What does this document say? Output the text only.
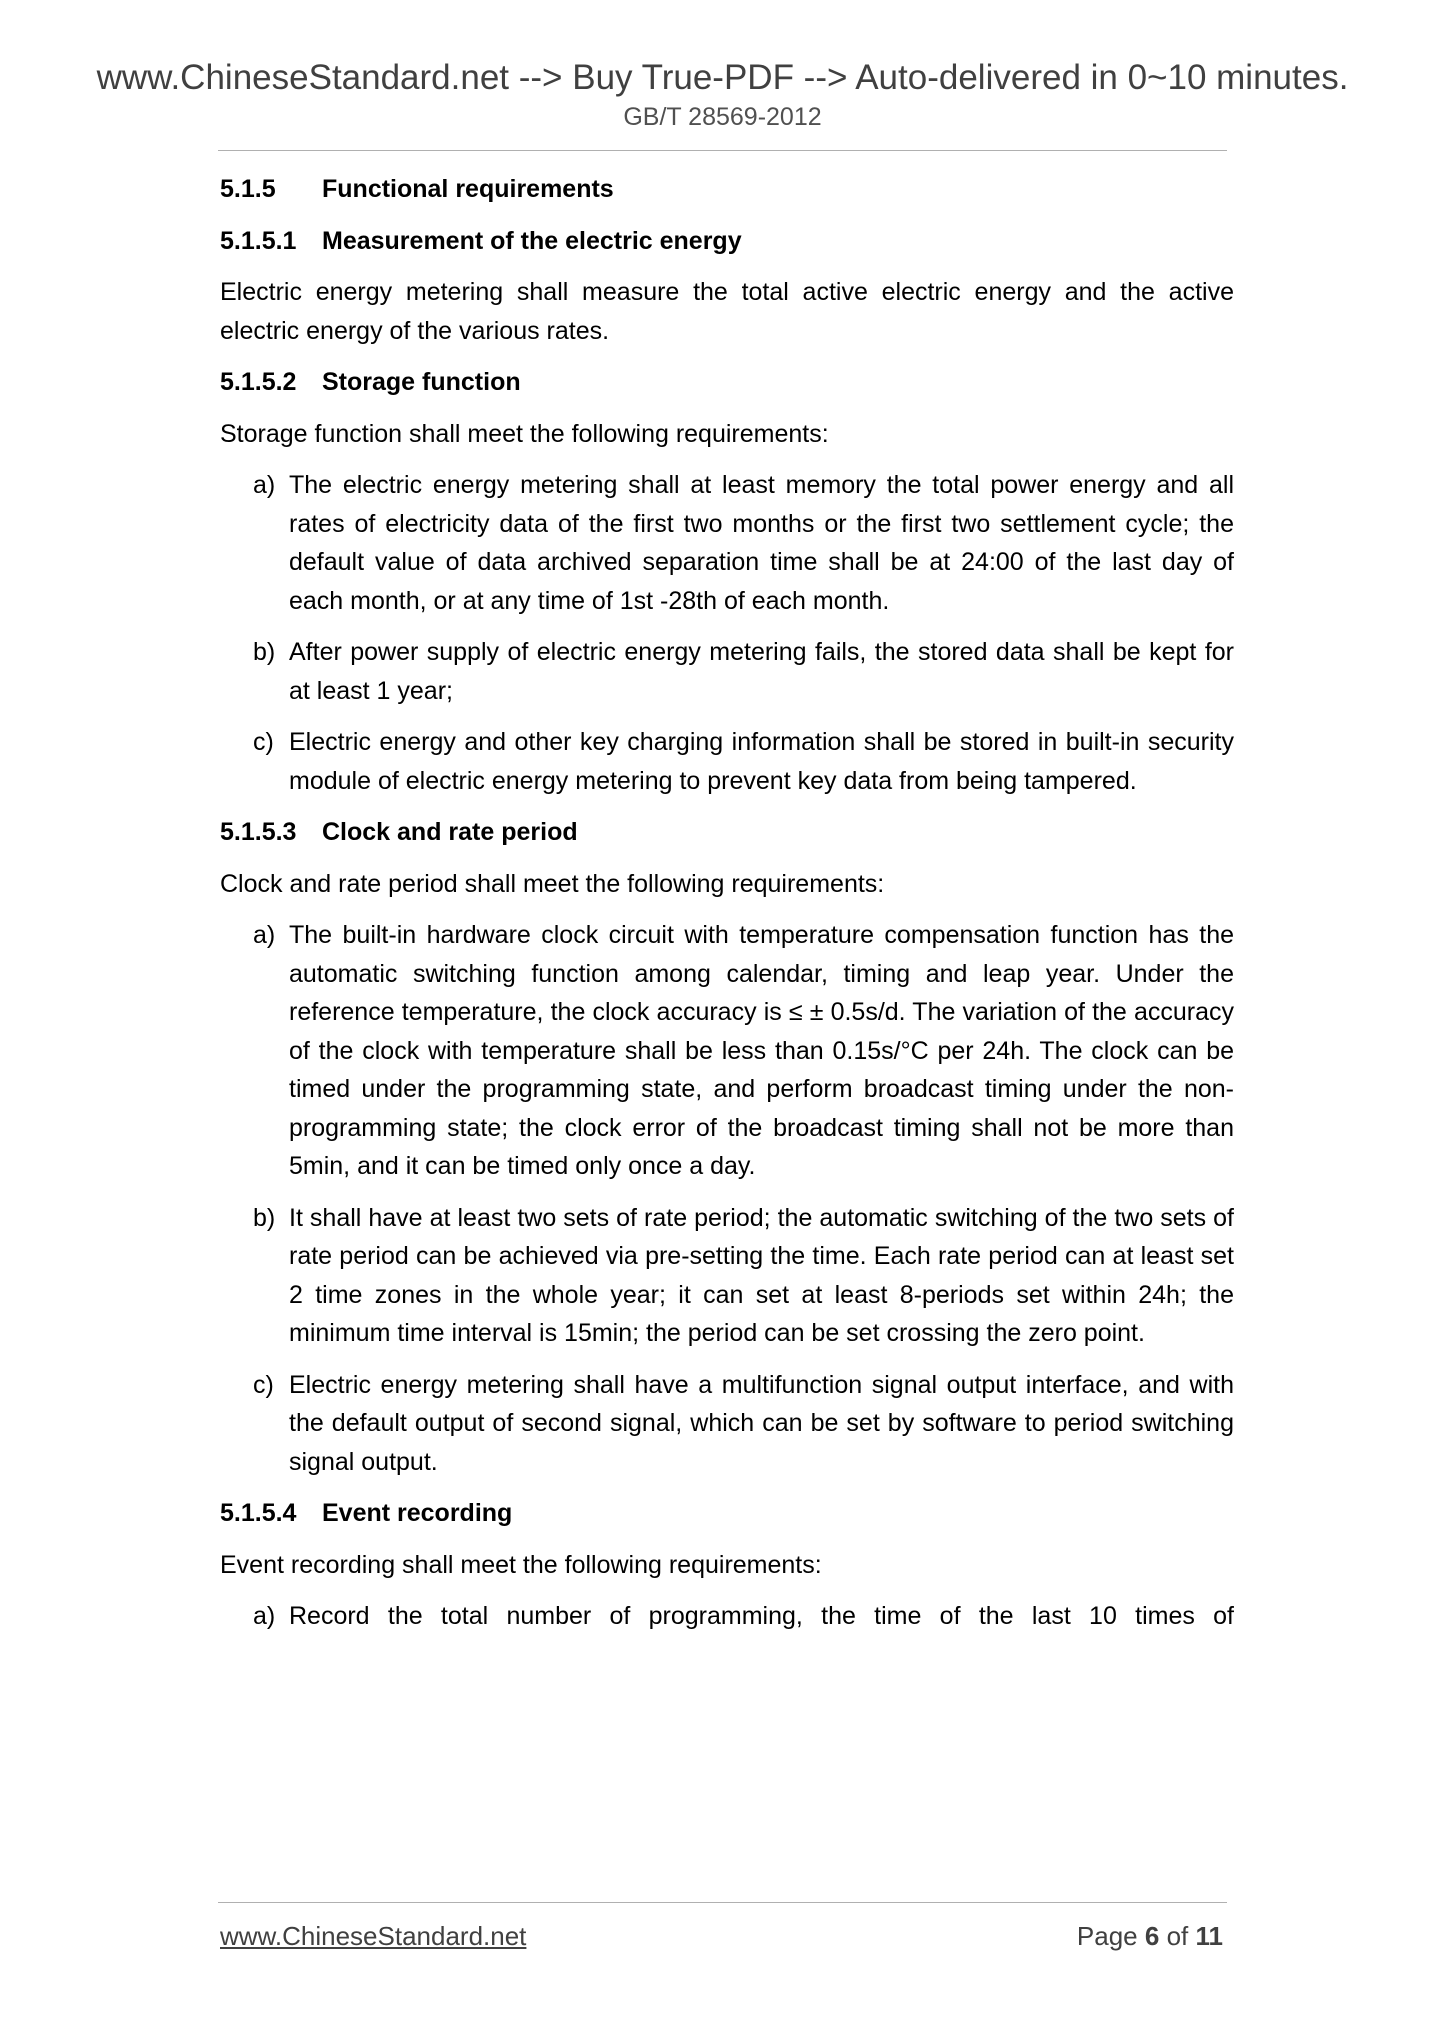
www.ChineseStandard.net --> Buy True-PDF --> Auto-delivered in 0~10 minutes.
GB/T 28569-2012

5.1.5 Functional requirements

5.1.5.1 Measurement of the electric energy

Electric energy metering shall measure the total active electric energy and the active electric energy of the various rates.

5.1.5.2 Storage function

Storage function shall meet the following requirements:

a) The electric energy metering shall at least memory the total power energy and all rates of electricity data of the first two months or the first two settlement cycle; the default value of data archived separation time shall be at 24:00 of the last day of each month, or at any time of 1st -28th of each month.

b) After power supply of electric energy metering fails, the stored data shall be kept for at least 1 year;

c) Electric energy and other key charging information shall be stored in built-in security module of electric energy metering to prevent key data from being tampered.

5.1.5.3 Clock and rate period

Clock and rate period shall meet the following requirements:

a) The built-in hardware clock circuit with temperature compensation function has the automatic switching function among calendar, timing and leap year. Under the reference temperature, the clock accuracy is ≤ ± 0.5s/d. The variation of the accuracy of the clock with temperature shall be less than 0.15s/°C per 24h. The clock can be timed under the programming state, and perform broadcast timing under the non-programming state; the clock error of the broadcast timing shall not be more than 5min, and it can be timed only once a day.

b) It shall have at least two sets of rate period; the automatic switching of the two sets of rate period can be achieved via pre-setting the time. Each rate period can at least set 2 time zones in the whole year; it can set at least 8-periods set within 24h; the minimum time interval is 15min; the period can be set crossing the zero point.

c) Electric energy metering shall have a multifunction signal output interface, and with the default output of second signal, which can be set by software to period switching signal output.

5.1.5.4 Event recording

Event recording shall meet the following requirements:

a) Record the total number of programming, the time of the last 10 times of

www.ChineseStandard.net	Page 6 of 11
